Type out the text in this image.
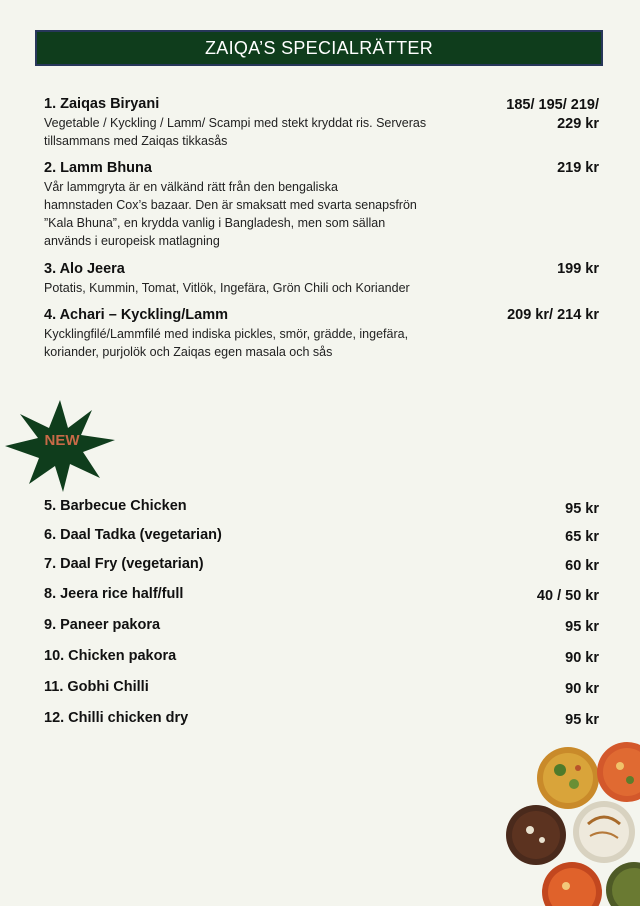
ZAIQA’S SPECIALRÄTTER
1. Zaiqas Biryani
Vegetable / Kyckling / Lamm/ Scampi med stekt kryddat ris. Serveras
tillsammans med Zaiqas tikkasås
185/ 195/ 219/
229 kr
2. Lamm Bhuna
Vår lammgryta är en välkänd rätt från den bengaliska
hamnstaden Cox’s bazaar. Den är smaksatt med svarta senapsfrön
”Kala Bhuna”, en krydda vanlig i Bangladesh, men som sällan
används i europeisk matlagning
219 kr
3. Alo Jeera
Potatis, Kummin, Tomat, Vitlök, Ingefära, Grön Chili och Koriander
199 kr
4. Achari – Kyckling/Lamm
Kycklingfilé/Lammfilé med indiska pickles, smör, grädde, ingefära,
koriander, purjolök och Zaiqas egen masala och sås
209 kr/ 214 kr
NEW
5. Barbecue Chicken	95 kr
6. Daal Tadka (vegetarian)	65 kr
7. Daal Fry (vegetarian)	60 kr
8. Jeera rice half/full	40 / 50 kr
9. Paneer pakora	95 kr
10. Chicken pakora	90 kr
11. Gobhi Chilli	90 kr
12. Chilli chicken dry	95 kr
